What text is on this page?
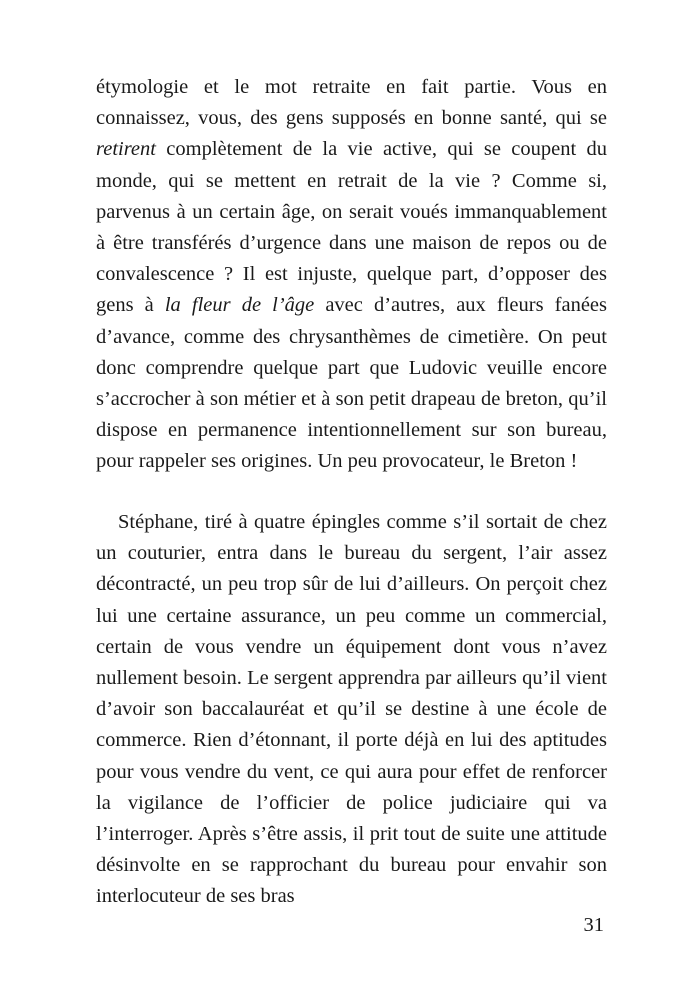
étymologie et le mot retraite en fait partie. Vous en connaissez, vous, des gens supposés en bonne santé, qui se retirent complètement de la vie active, qui se coupent du monde, qui se mettent en retrait de la vie ? Comme si, parvenus à un certain âge, on serait voués immanquablement à être transférés d’urgence dans une maison de repos ou de convalescence ? Il est injuste, quelque part, d’opposer des gens à la fleur de l’âge avec d’autres, aux fleurs fanées d’avance, comme des chrysanthèmes de cimetière. On peut donc comprendre quelque part que Ludovic veuille encore s’accrocher à son métier et à son petit drapeau de breton, qu’il dispose en permanence intentionnellement sur son bureau, pour rappeler ses origines. Un peu provocateur, le Breton !

Stéphane, tiré à quatre épingles comme s’il sortait de chez un couturier, entra dans le bureau du sergent, l’air assez décontracté, un peu trop sûr de lui d’ailleurs. On perçoit chez lui une certaine assurance, un peu comme un commercial, certain de vous vendre un équipement dont vous n’avez nullement besoin. Le sergent apprendra par ailleurs qu’il vient d’avoir son baccalauréat et qu’il se destine à une école de commerce. Rien d’étonnant, il porte déjà en lui des aptitudes pour vous vendre du vent, ce qui aura pour effet de renforcer la vigilance de l’officier de police judiciaire qui va l’interroger. Après s’être assis, il prit tout de suite une attitude désinvolte en se rapprochant du bureau pour envahir son interlocuteur de ses bras

31
